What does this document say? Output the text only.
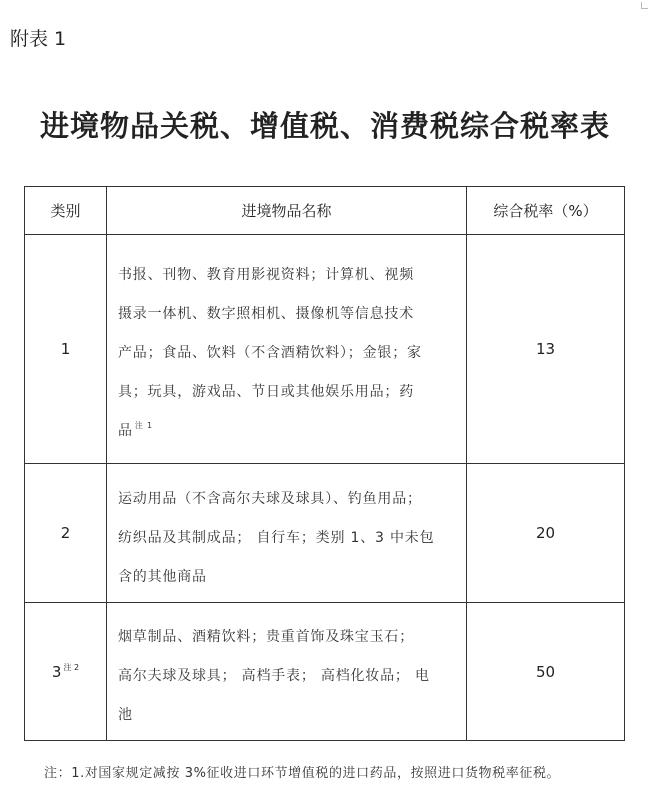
附表 1
进境物品关税、增值税、消费税综合税率表
类别	进境物品名称	综合税率（%）
1	书报、刊物、教育用影视资料；计算机、视频
摄录一体机、数字照相机、摄像机等信息技术
产品；食品、饮料（不含酒精饮料）；金银；家
具；玩具，游戏品、节日或其他娱乐用品；药
品 $^{注 1}$	13
2	运动用品（不含高尔夫球及球具）、钓鱼用品；
纺织品及其制成品； 自行车；类别 1、3 中未包
含的其他商品	20
3 $^{注 2}$	烟草制品、酒精饮料；贵重首饰及珠宝玉石；
高尔夫球及球具； 高档手表； 高档化妆品； 电
池	50
注：1.对国家规定减按 3%征收进口环节增值税的进口药品，按照进口货物税率征税。
